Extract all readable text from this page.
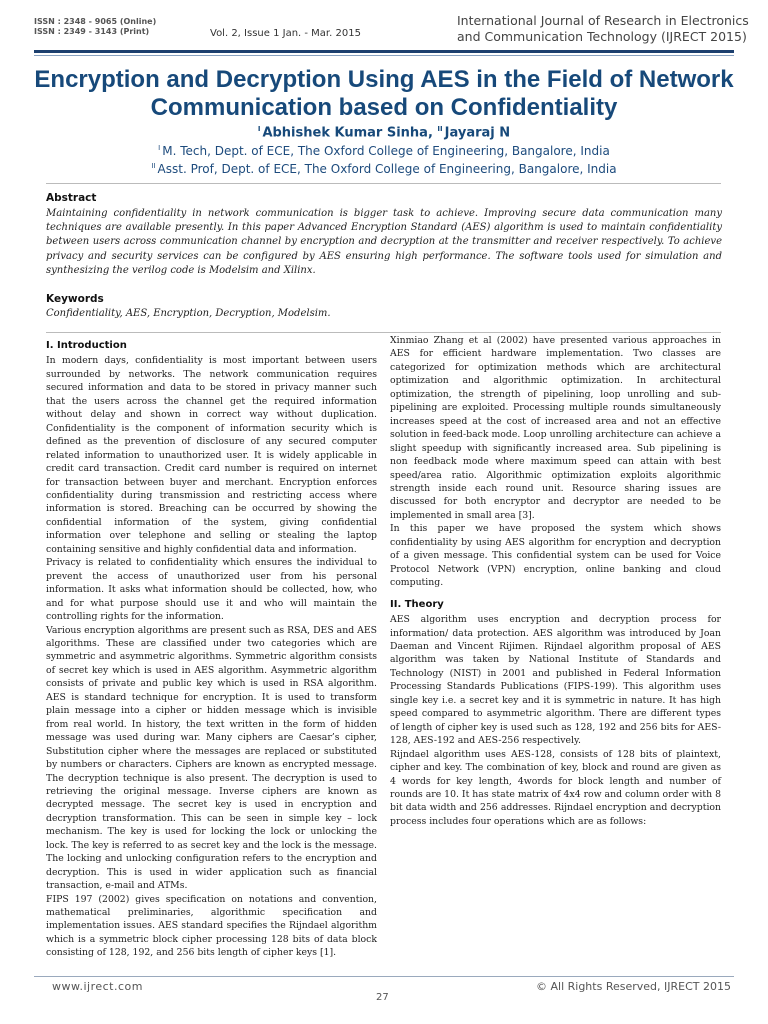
ISSN : 2348 - 9065 (Online)
ISSN : 2349 - 3143 (Print)	Vol. 2, Issue 1 Jan. - Mar. 2015
International Journal of Research in Electronics
and Communication Technology (IJRECT 2015)
Encryption and Decryption Using AES in the Field of Network
Communication based on Confidentiality
$^I$ Abhishek Kumar Sinha, $^{II}$ Jayaraj N
$^I$ M. Tech, Dept. of ECE, The Oxford College of Engineering, Bangalore, India
$^{II}$ Asst. Prof, Dept. of ECE, The Oxford College of Engineering, Bangalore, India
Abstract
Maintaining confidentiality in network communication is bigger task to achieve. Improving secure data communication many techniques are available presently. In this paper Advanced Encryption Standard (AES) algorithm is used to maintain confidentiality between users across communication channel by encryption and decryption at the transmitter and receiver respectively. To achieve privacy and security services can be configured by AES ensuring high performance. The software tools used for simulation and synthesizing the verilog code is Modelsim and Xilinx.
Keywords
Confidentiality, AES, Encryption, Decryption, Modelsim.

I. Introduction

In modern days, confidentiality is most important between users surrounded by networks. The network communication requires secured information and data to be stored in privacy manner such that the users across the channel get the required information without delay and shown in correct way without duplication. Confidentiality is the component of information security which is defined as the prevention of disclosure of any secured computer related information to unauthorized user. It is widely applicable in credit card transaction. Credit card number is required on internet for transaction between buyer and merchant. Encryption enforces confidentiality during transmission and restricting access where information is stored. Breaching can be occurred by showing the confidential information of the system, giving confidential information over telephone and selling or stealing the laptop containing sensitive and highly confidential data and information.

Privacy is related to confidentiality which ensures the individual to prevent the access of unauthorized user from his personal information. It asks what information should be collected, how, who and for what purpose should use it and who will maintain the controlling rights for the information.

Various encryption algorithms are present such as RSA, DES and AES algorithms. These are classified under two categories which are symmetric and asymmetric algorithms. Symmetric algorithm consists of secret key which is used in AES algorithm. Asymmetric algorithm consists of private and public key which is used in RSA algorithm. AES is standard technique for encryption. It is used to transform plain message into a cipher or hidden message which is invisible from real world. In history, the text written in the form of hidden message was used during war. Many ciphers are Caesar’s cipher, Substitution cipher where the messages are replaced or substituted by numbers or characters. Ciphers are known as encrypted message. The decryption technique is also present. The decryption is used to retrieving the original message. Inverse ciphers are known as decrypted message. The secret key is used in encryption and decryption transformation. This can be seen in simple key – lock mechanism. The key is used for locking the lock or unlocking the lock. The key is referred to as secret key and the lock is the message. The locking and unlocking configuration refers to the encryption and decryption. This is used in wider application such as financial transaction, e-mail and ATMs.

FIPS 197 (2002) gives specification on notations and convention, mathematical preliminaries, algorithmic specification and implementation issues. AES standard specifies the Rijndael algorithm which is a symmetric block cipher processing 128 bits of data block consisting of 128, 192, and 256 bits length of cipher keys [1].

Xinmiao Zhang et al (2002) have presented various approaches in AES for efficient hardware implementation. Two classes are categorized for optimization methods which are architectural optimization and algorithmic optimization. In architectural optimization, the strength of pipelining, loop unrolling and sub-pipelining are exploited. Processing multiple rounds simultaneously increases speed at the cost of increased area and not an effective solution in feed-back mode. Loop unrolling architecture can achieve a slight speedup with significantly increased area. Sub pipelining is non feedback mode where maximum speed can attain with best speed/area ratio. Algorithmic optimization exploits algorithmic strength inside each round unit. Resource sharing issues are discussed for both encryptor and decryptor are needed to be implemented in small area [3].

In this paper we have proposed the system which shows confidentiality by using AES algorithm for encryption and decryption of a given message. This confidential system can be used for Voice Protocol Network (VPN) encryption, online banking and cloud computing.

II. Theory

AES algorithm uses encryption and decryption process for information/ data protection. AES algorithm was introduced by Joan Daeman and Vincent Rijimen. Rijndael algorithm proposal of AES algorithm was taken by National Institute of Standards and Technology (NIST) in 2001 and published in Federal Information Processing Standards Publications (FIPS-199). This algorithm uses single key i.e. a secret key and it is symmetric in nature. It has high speed compared to asymmetric algorithm. There are different types of length of cipher key is used such as 128, 192 and 256 bits for AES-128, AES-192 and AES-256 respectively.

Rijndael algorithm uses AES-128, consists of 128 bits of plaintext, cipher and key. The combination of key, block and round are given as 4 words for key length, 4words for block length and number of rounds are 10. It has state matrix of 4x4 row and column order with 8 bit data width and 256 addresses. Rijndael encryption and decryption process includes four operations which are as follows:

www.ijrect.com
27
© All Rights Reserved, IJRECT 2015
